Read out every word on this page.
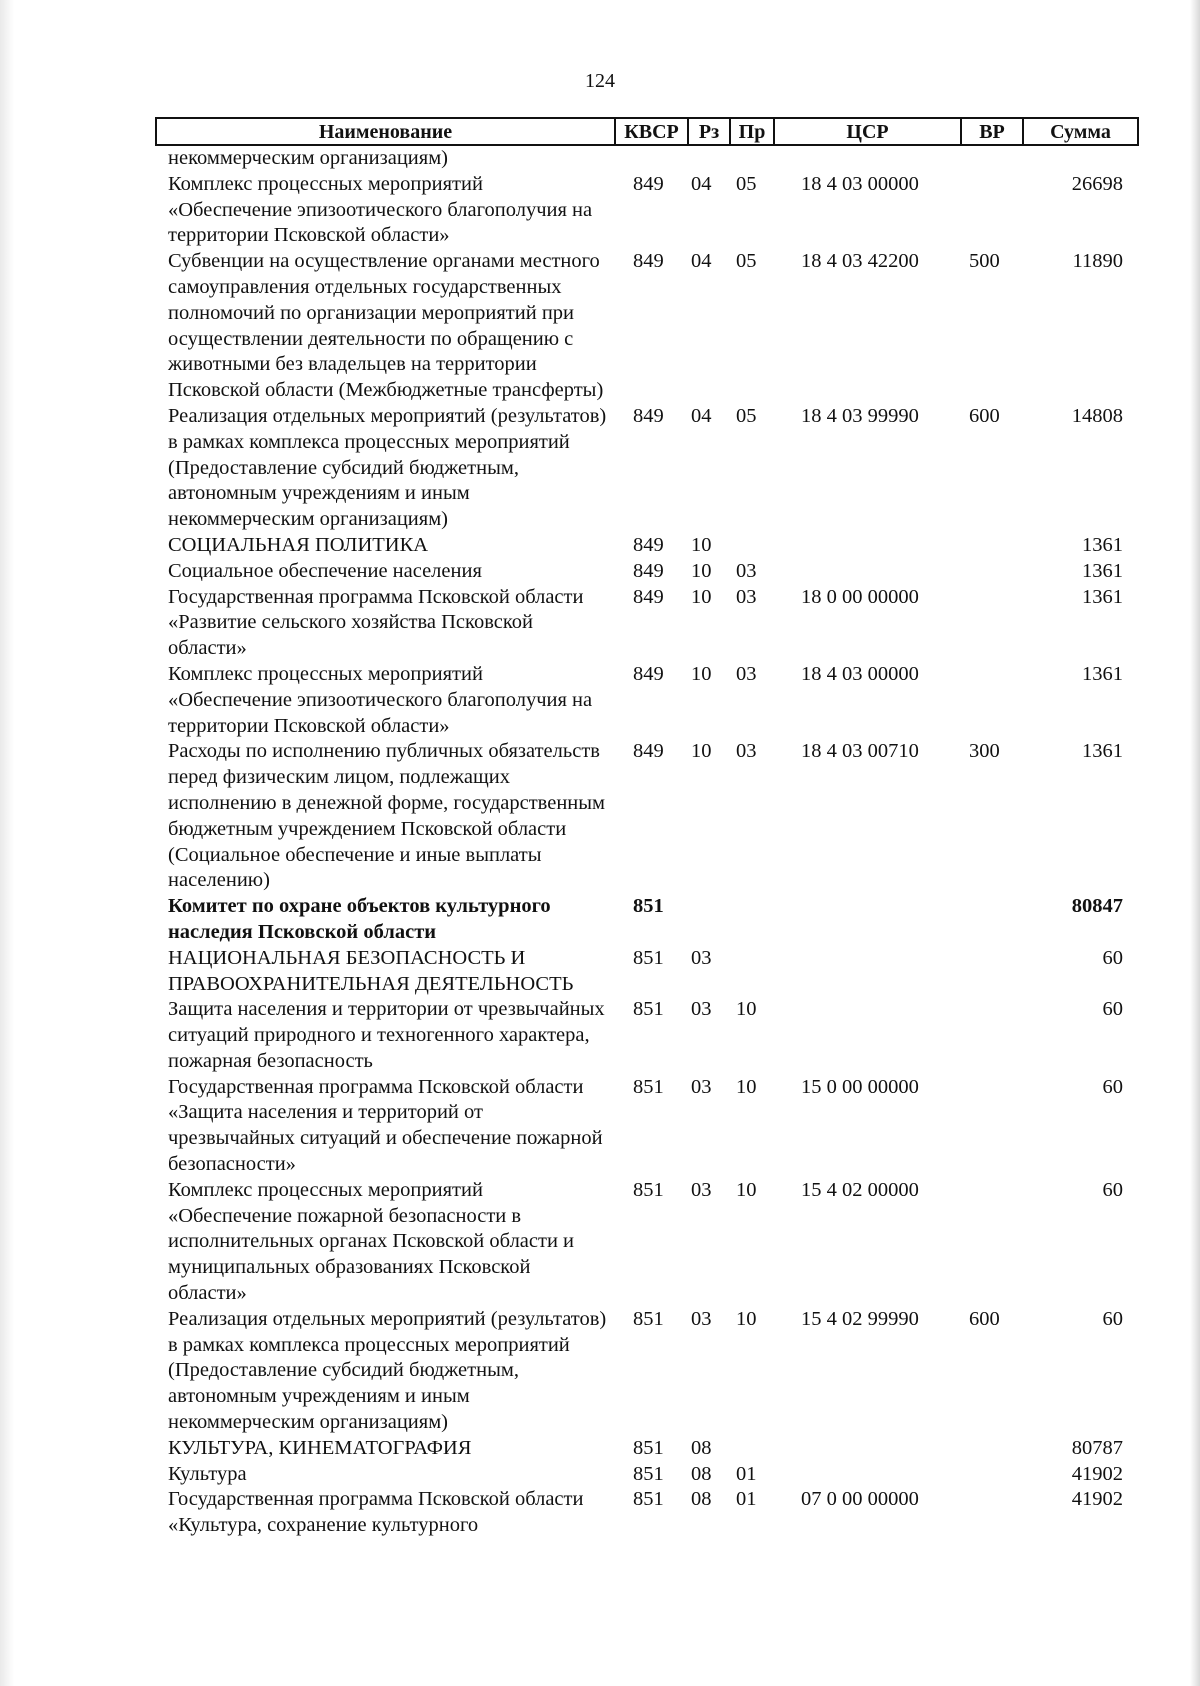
124
Наименование	КВСР	Рз	Пр	ЦСР	ВР	Сумма
некоммерческим организациям)						
Комплекс процессных мероприятий «Обеспечение эпизоотического благополучия на территории Псковской области»	849	04	05	18 4 03 00000		26698
Субвенции на осуществление органами местного самоуправления отдельных государственных полномочий по организации мероприятий при осуществлении деятельности по обращению с животными без владельцев на территории Псковской области (Межбюджетные трансферты)	849	04	05	18 4 03 42200	500	11890
Реализация отдельных мероприятий (результатов) в рамках комплекса процессных мероприятий (Предоставление субсидий бюджетным, автономным учреждениям и иным некоммерческим организациям)	849	04	05	18 4 03 99990	600	14808
СОЦИАЛЬНАЯ ПОЛИТИКА	849	10				1361
Социальное обеспечение населения	849	10	03			1361
Государственная программа Псковской области «Развитие сельского хозяйства Псковской области»	849	10	03	18 0 00 00000		1361
Комплекс процессных мероприятий «Обеспечение эпизоотического благополучия на территории Псковской области»	849	10	03	18 4 03 00000		1361
Расходы по исполнению публичных обязательств перед физическим лицом, подлежащих исполнению в денежной форме, государственным бюджетным учреждением Псковской области (Социальное обеспечение и иные выплаты населению)	849	10	03	18 4 03 00710	300	1361
Комитет по охране объектов культурного наследия Псковской области	851					80847
НАЦИОНАЛЬНАЯ БЕЗОПАСНОСТЬ И ПРАВООХРАНИТЕЛЬНАЯ ДЕЯТЕЛЬНОСТЬ	851	03				60
Защита населения и территории от чрезвычайных ситуаций природного и техногенного характера, пожарная безопасность	851	03	10			60
Государственная программа Псковской области «Защита населения и территорий от чрезвычайных ситуаций и обеспечение пожарной безопасности»	851	03	10	15 0 00 00000		60
Комплекс процессных мероприятий «Обеспечение пожарной безопасности в исполнительных органах Псковской области и муниципальных образованиях Псковской области»	851	03	10	15 4 02 00000		60
Реализация отдельных мероприятий (результатов) в рамках комплекса процессных мероприятий (Предоставление субсидий бюджетным, автономным учреждениям и иным некоммерческим организациям)	851	03	10	15 4 02 99990	600	60
КУЛЬТУРА, КИНЕМАТОГРАФИЯ	851	08				80787
Культура	851	08	01			41902
Государственная программа Псковской области «Культура, сохранение культурного	851	08	01	07 0 00 00000		41902
